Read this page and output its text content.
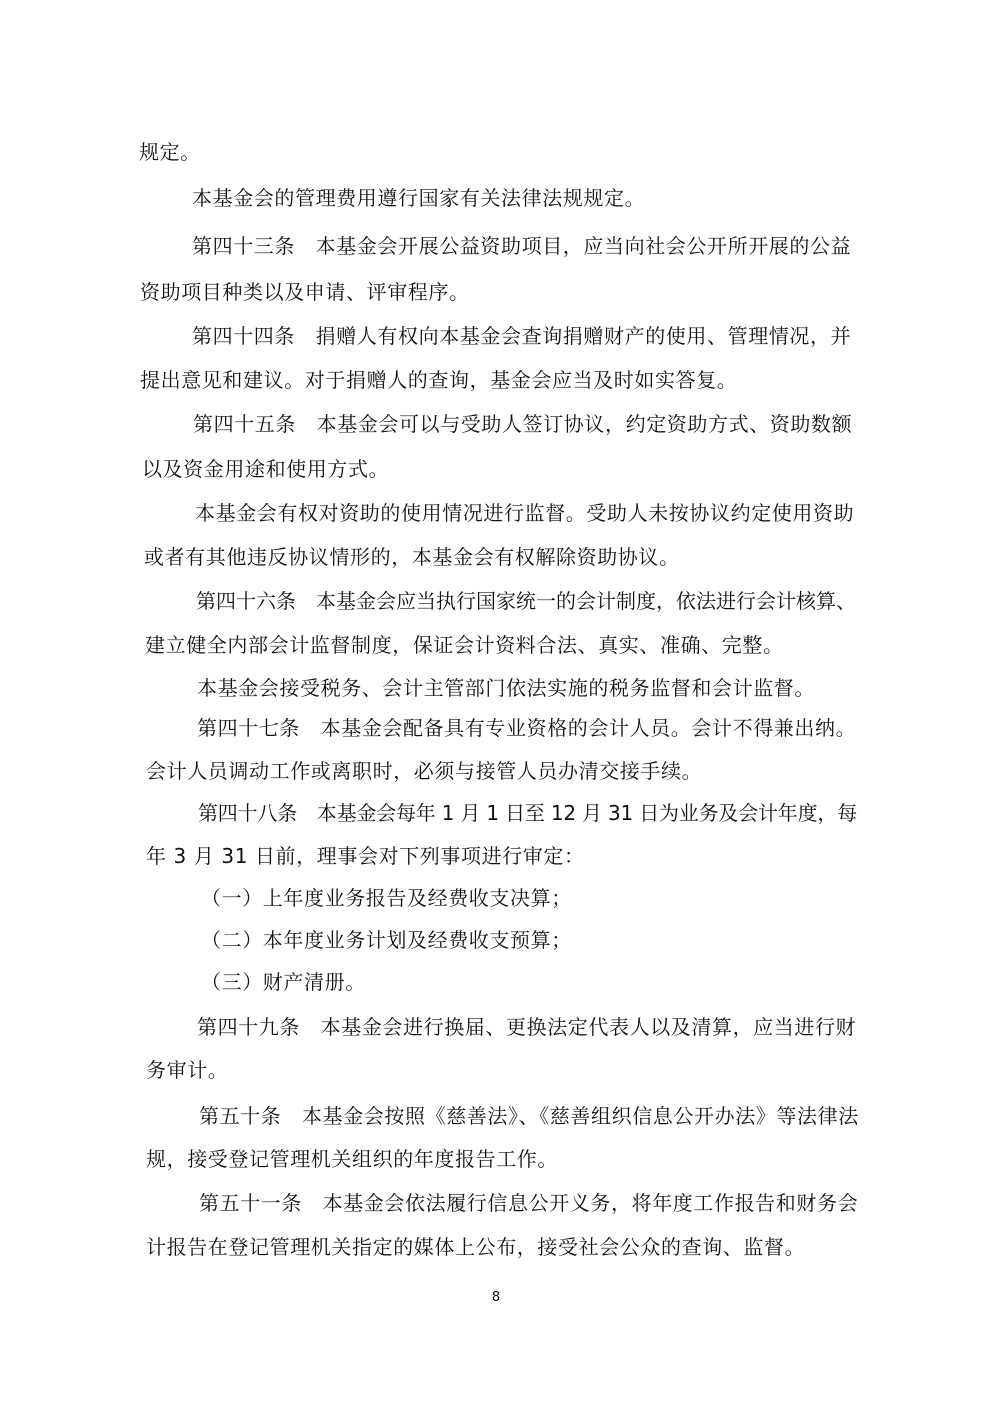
规定。
本基金会的管理费用遵行国家有关法律法规规定。
第四十三条　本基金会开展公益资助项目，应当向社会公开所开展的公益
资助项目种类以及申请、评审程序。
第四十四条　捐赠人有权向本基金会查询捐赠财产的使用、管理情况，并
提出意见和建议。对于捐赠人的查询，基金会应当及时如实答复。
第四十五条　本基金会可以与受助人签订协议，约定资助方式、资助数额
以及资金用途和使用方式。
本基金会有权对资助的使用情况进行监督。受助人未按协议约定使用资助
或者有其他违反协议情形的，本基金会有权解除资助协议。
第四十六条　本基金会应当执行国家统一的会计制度，依法进行会计核算、
建立健全内部会计监督制度，保证会计资料合法、真实、准确、完整。
本基金会接受税务、会计主管部门依法实施的税务监督和会计监督。
第四十七条　本基金会配备具有专业资格的会计人员。会计不得兼出纳。
会计人员调动工作或离职时，必须与接管人员办清交接手续。
第四十八条　本基金会每年 1 月 1 日至 12 月 31 日为业务及会计年度，每
年 3 月 31 日前，理事会对下列事项进行审定：
（一）上年度业务报告及经费收支决算；
（二）本年度业务计划及经费收支预算；
（三）财产清册。
第四十九条　本基金会进行换届、更换法定代表人以及清算，应当进行财
务审计。
第五十条　本基金会按照《慈善法》、《慈善组织信息公开办法》等法律法
规，接受登记管理机关组织的年度报告工作。
第五十一条　本基金会依法履行信息公开义务，将年度工作报告和财务会
计报告在登记管理机关指定的媒体上公布，接受社会公众的查询、监督。
8
